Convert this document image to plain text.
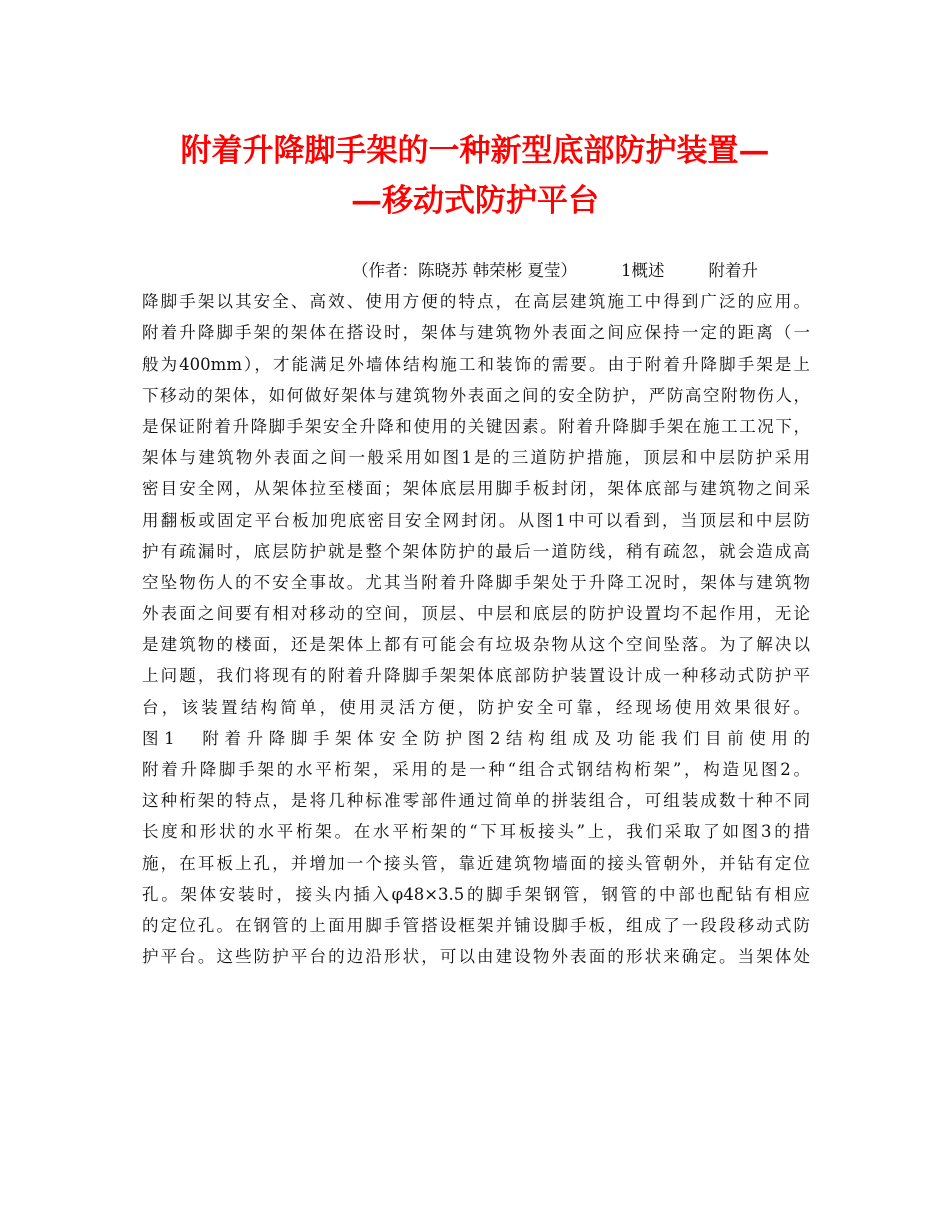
附着升降脚手架的一种新型底部防护装置—
—移动式防护平台
（作者：陈晓苏 韩荣彬 夏莹）	1概述	附着升
降脚手架以其安全、高效、使用方便的特点，在高层建筑施工中得到广泛的应用。
附着升降脚手架的架体在搭设时，架体与建筑物外表面之间应保持一定的距离（一
般为400mm），才能满足外墙体结构施工和装饰的需要。由于附着升降脚手架是上
下移动的架体，如何做好架体与建筑物外表面之间的安全防护，严防高空附物伤人，
是保证附着升降脚手架安全升降和使用的关键因素。附着升降脚手架在施工工况下，
架体与建筑物外表面之间一般采用如图1是的三道防护措施，顶层和中层防护采用
密目安全网，从架体拉至楼面；架体底层用脚手板封闭，架体底部与建筑物之间采
用翻板或固定平台板加兜底密目安全网封闭。从图1中可以看到，当顶层和中层防
护有疏漏时，底层防护就是整个架体防护的最后一道防线，稍有疏忽，就会造成高
空坠物伤人的不安全事故。尤其当附着升降脚手架处于升降工况时，架体与建筑物
外表面之间要有相对移动的空间，顶层、中层和底层的防护设置均不起作用，无论
是建筑物的楼面，还是架体上都有可能会有垃圾杂物从这个空间坠落。为了解决以
上问题，我们将现有的附着升降脚手架架体底部防护装置设计成一种移动式防护平
台，该装置结构简单，使用灵活方便，防护安全可靠，经现场使用效果很好。
图1　附着升降脚手架体安全防护图2结构组成及功能我们目前使用的
附着升降脚手架的水平桁架，采用的是一种“组合式钢结构桁架”，构造见图2。
这种桁架的特点，是将几种标准零部件通过简单的拼装组合，可组装成数十种不同
长度和形状的水平桁架。在水平桁架的“下耳板接头”上，我们采取了如图3的措
施，在耳板上孔，并增加一个接头管，靠近建筑物墙面的接头管朝外，并钻有定位
孔。架体安装时，接头内插入φ48×3.5的脚手架钢管，钢管的中部也配钻有相应
的定位孔。在钢管的上面用脚手管搭设框架并铺设脚手板，组成了一段段移动式防
护平台。这些防护平台的边沿形状，可以由建设物外表面的形状来确定。当架体处
